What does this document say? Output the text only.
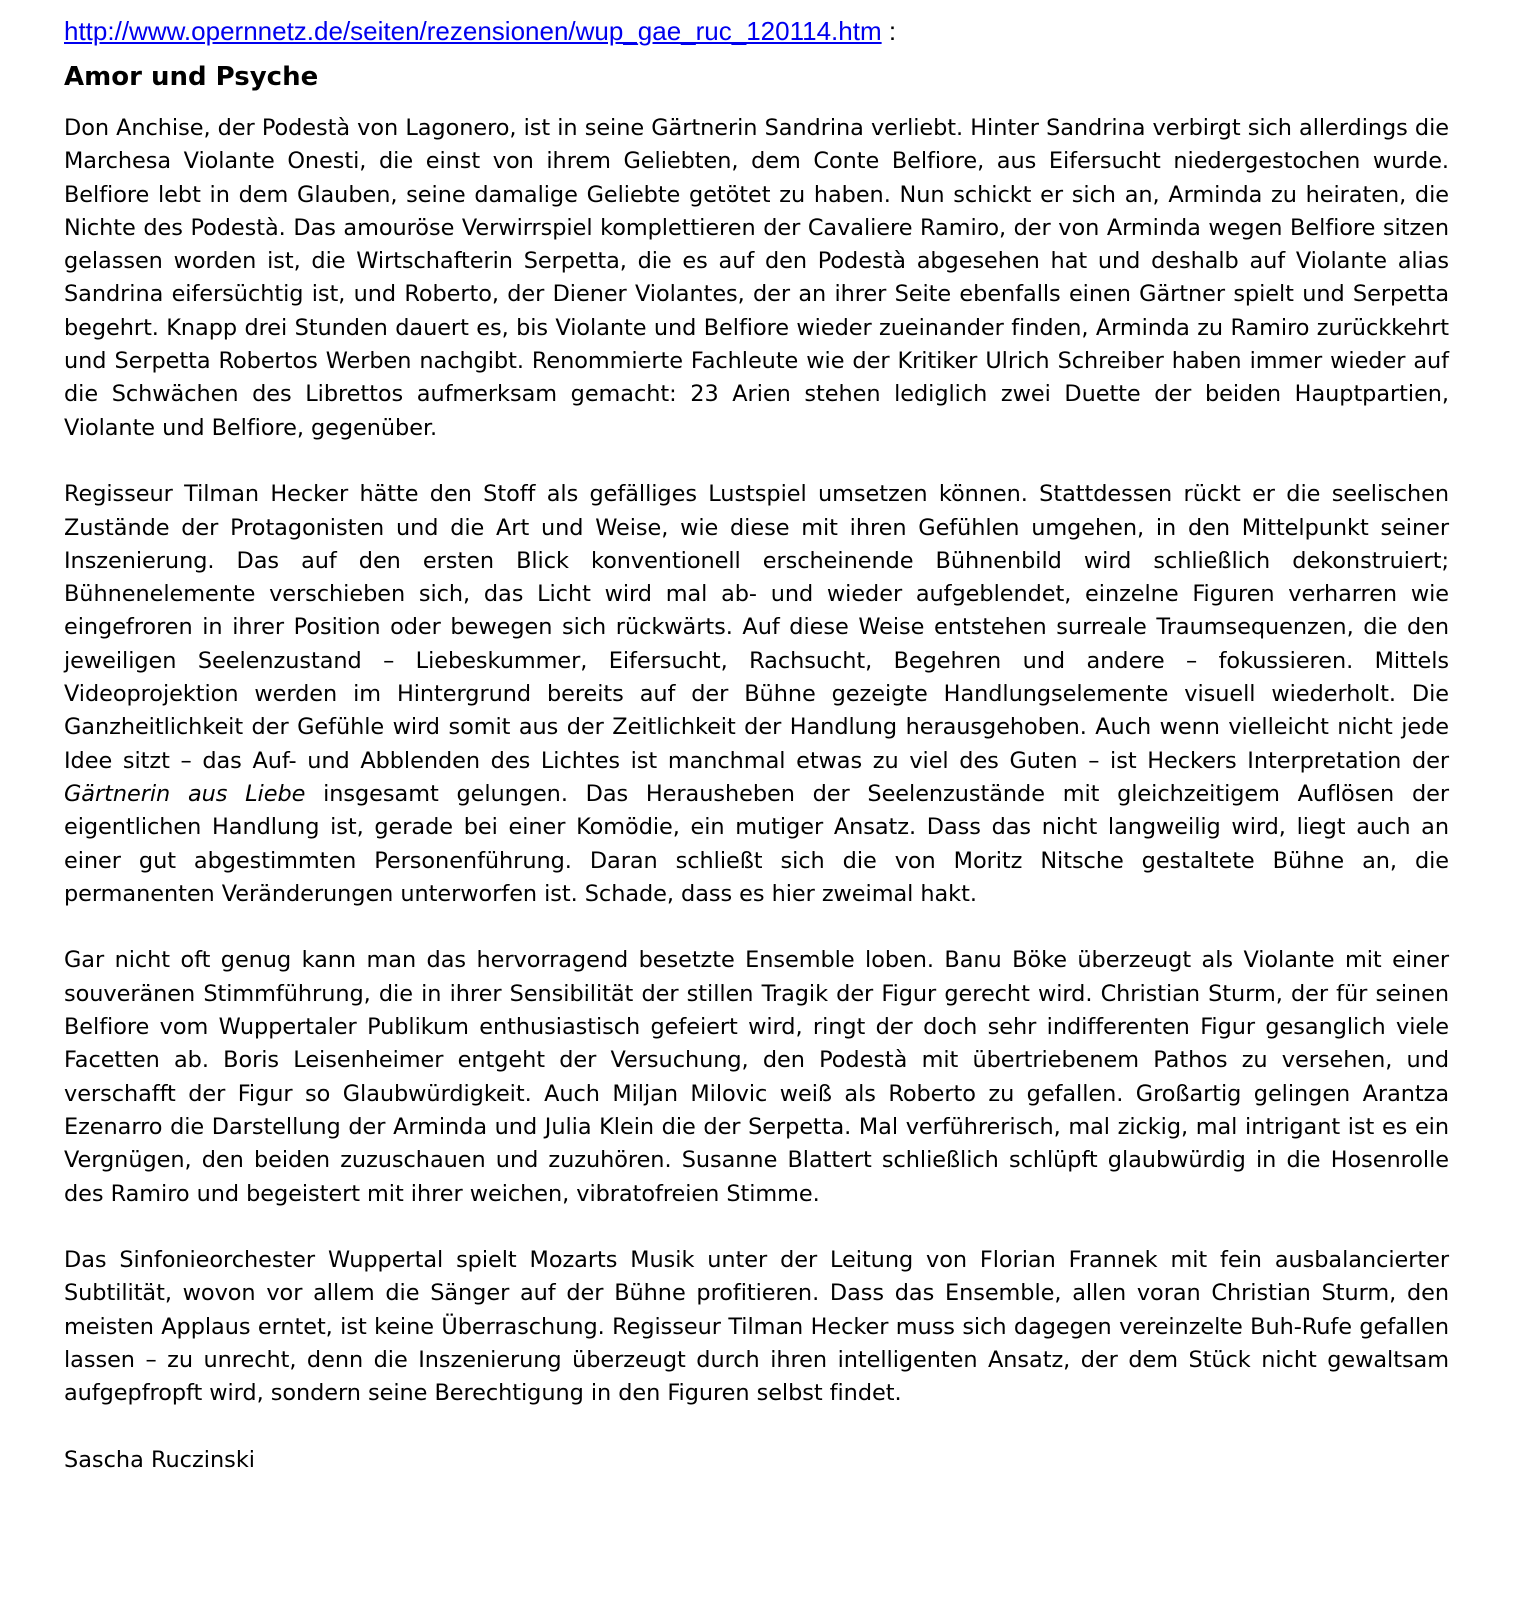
http://www.opernnetz.de/seiten/rezensionen/wup_gae_ruc_120114.htm :
Amor und Psyche

Don Anchise, der Podestà von Lagonero, ist in seine Gärtnerin Sandrina verliebt. Hinter Sandrina verbirgt sich allerdings die Marchesa Violante Onesti, die einst von ihrem Geliebten, dem Conte Belfiore, aus Eifersucht niedergestochen wurde. Belfiore lebt in dem Glauben, seine damalige Geliebte getötet zu haben. Nun schickt er sich an, Arminda zu heiraten, die Nichte des Podestà. Das amouröse Verwirrspiel komplettieren der Cavaliere Ramiro, der von Arminda wegen Belfiore sitzen gelassen worden ist, die Wirtschafterin Serpetta, die es auf den Podestà abgesehen hat und deshalb auf Violante alias Sandrina eifersüchtig ist, und Roberto, der Diener Violantes, der an ihrer Seite ebenfalls einen Gärtner spielt und Serpetta begehrt. Knapp drei Stunden dauert es, bis Violante und Belfiore wieder zueinander finden, Arminda zu Ramiro zurückkehrt und Serpetta Robertos Werben nachgibt. Renommierte Fachleute wie der Kritiker Ulrich Schreiber haben immer wieder auf die Schwächen des Librettos aufmerksam gemacht: 23 Arien stehen lediglich zwei Duette der beiden Hauptpartien, Violante und Belfiore, gegenüber.

Regisseur Tilman Hecker hätte den Stoff als gefälliges Lustspiel umsetzen können. Stattdessen rückt er die seelischen Zustände der Protagonisten und die Art und Weise, wie diese mit ihren Gefühlen umgehen, in den Mittelpunkt seiner Inszenierung. Das auf den ersten Blick konventionell erscheinende Bühnenbild wird schließlich dekonstruiert; Bühnenelemente verschieben sich, das Licht wird mal ab- und wieder aufgeblendet, einzelne Figuren verharren wie eingefroren in ihrer Position oder bewegen sich rückwärts. Auf diese Weise entstehen surreale Traumsequenzen, die den jeweiligen Seelenzustand – Liebeskummer, Eifersucht, Rachsucht, Begehren und andere – fokussieren. Mittels Videoprojektion werden im Hintergrund bereits auf der Bühne gezeigte Handlungselemente visuell wiederholt. Die Ganzheitlichkeit der Gefühle wird somit aus der Zeitlichkeit der Handlung herausgehoben. Auch wenn vielleicht nicht jede Idee sitzt – das Auf- und Abblenden des Lichtes ist manchmal etwas zu viel des Guten – ist Heckers Interpretation der Gärtnerin aus Liebe insgesamt gelungen. Das Herausheben der Seelenzustände mit gleichzeitigem Auflösen der eigentlichen Handlung ist, gerade bei einer Komödie, ein mutiger Ansatz. Dass das nicht langweilig wird, liegt auch an einer gut abgestimmten Personenführung. Daran schließt sich die von Moritz Nitsche gestaltete Bühne an, die permanenten Veränderungen unterworfen ist. Schade, dass es hier zweimal hakt.

Gar nicht oft genug kann man das hervorragend besetzte Ensemble loben. Banu Böke überzeugt als Violante mit einer souveränen Stimmführung, die in ihrer Sensibilität der stillen Tragik der Figur gerecht wird. Christian Sturm, der für seinen Belfiore vom Wuppertaler Publikum enthusiastisch gefeiert wird, ringt der doch sehr indifferenten Figur gesanglich viele Facetten ab. Boris Leisenheimer entgeht der Versuchung, den Podestà mit übertriebenem Pathos zu versehen, und verschafft der Figur so Glaubwürdigkeit. Auch Miljan Milovic weiß als Roberto zu gefallen. Großartig gelingen Arantza Ezenarro die Darstellung der Arminda und Julia Klein die der Serpetta. Mal verführerisch, mal zickig, mal intrigant ist es ein Vergnügen, den beiden zuzuschauen und zuzuhören. Susanne Blattert schließlich schlüpft glaubwürdig in die Hosenrolle des Ramiro und begeistert mit ihrer weichen, vibratofreien Stimme.

Das Sinfonieorchester Wuppertal spielt Mozarts Musik unter der Leitung von Florian Frannek mit fein ausbalancierter Subtilität, wovon vor allem die Sänger auf der Bühne profitieren. Dass das Ensemble, allen voran Christian Sturm, den meisten Applaus erntet, ist keine Überraschung. Regisseur Tilman Hecker muss sich dagegen vereinzelte Buh-Rufe gefallen lassen – zu unrecht, denn die Inszenierung überzeugt durch ihren intelligenten Ansatz, der dem Stück nicht gewaltsam aufgepfropft wird, sondern seine Berechtigung in den Figuren selbst findet.

Sascha Ruczinski
